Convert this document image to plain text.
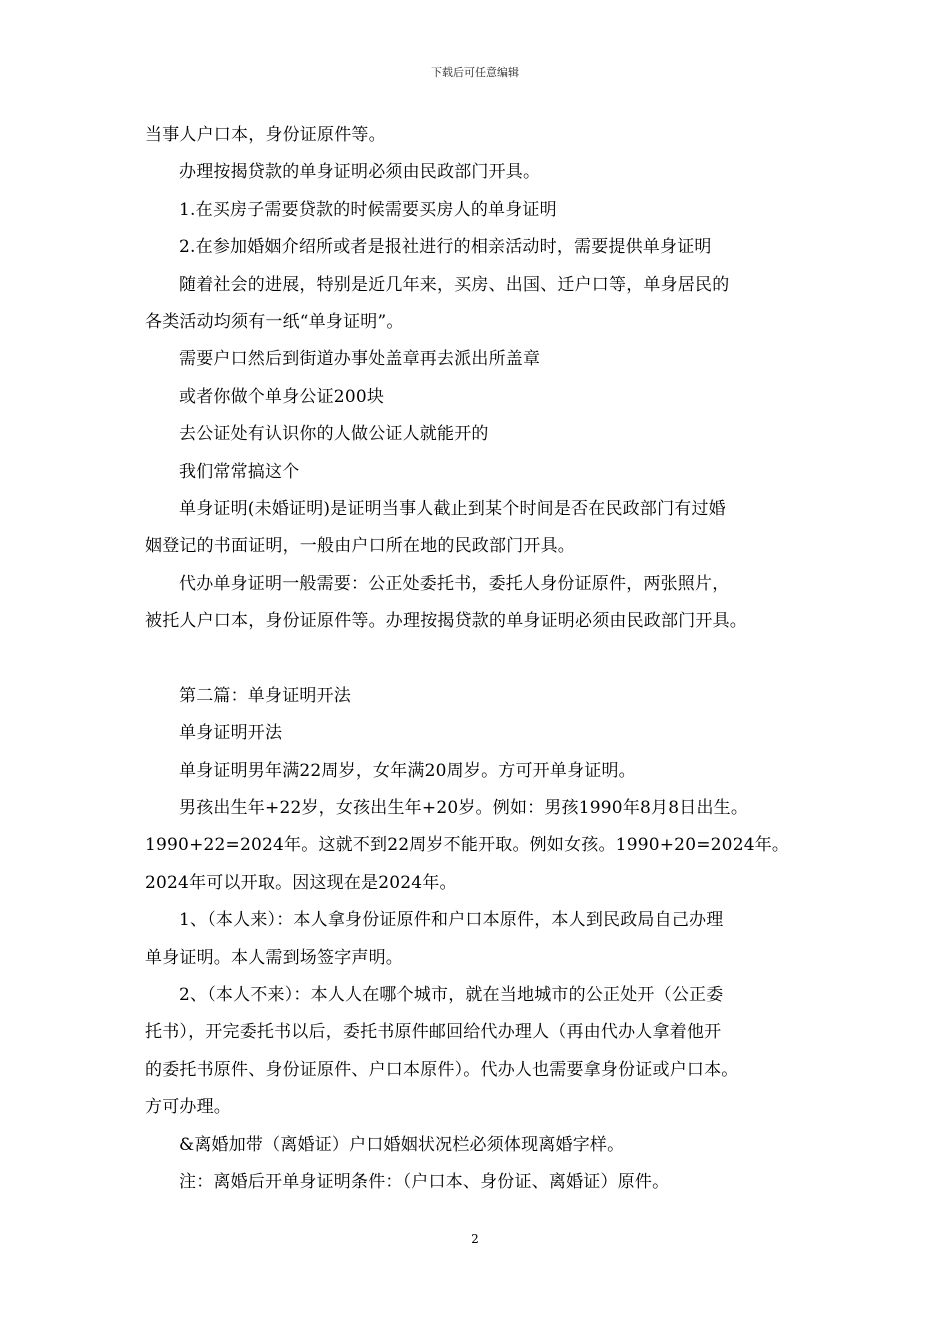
下载后可任意编辑

当事人户口本，身份证原件等。

办理按揭贷款的单身证明必须由民政部门开具。

1.在买房子需要贷款的时候需要买房人的单身证明

2.在参加婚姻介绍所或者是报社进行的相亲活动时，需要提供单身证明

随着社会的进展，特别是近几年来，买房、出国、迁户口等，单身居民的

各类活动均须有一纸“单身证明”。

需要户口然后到街道办事处盖章再去派出所盖章

或者你做个单身公证200块

去公证处有认识你的人做公证人就能开的

我们常常搞这个

单身证明(未婚证明)是证明当事人截止到某个时间是否在民政部门有过婚

姻登记的书面证明，一般由户口所在地的民政部门开具。

代办单身证明一般需要：公正处委托书，委托人身份证原件，两张照片，

被托人户口本，身份证原件等。办理按揭贷款的单身证明必须由民政部门开具。

第二篇：单身证明开法

单身证明开法

单身证明男年满22周岁，女年满20周岁。方可开单身证明。

男孩出生年+22岁，女孩出生年+20岁。例如：男孩1990年8月8日出生。

1990+22=2024年。这就不到22周岁不能开取。例如女孩。1990+20=2024年。

2024年可以开取。因这现在是2024年。

1、（本人来）：本人拿身份证原件和户口本原件，本人到民政局自己办理

单身证明。本人需到场签字声明。

2、（本人不来）：本人人在哪个城市，就在当地城市的公正处开（公正委

托书），开完委托书以后，委托书原件邮回给代办理人（再由代办人拿着他开

的委托书原件、身份证原件、户口本原件）。代办人也需要拿身份证或户口本。

方可办理。

&离婚加带（离婚证）户口婚姻状况栏必须体现离婚字样。

注：离婚后开单身证明条件：（户口本、身份证、离婚证）原件。

2
